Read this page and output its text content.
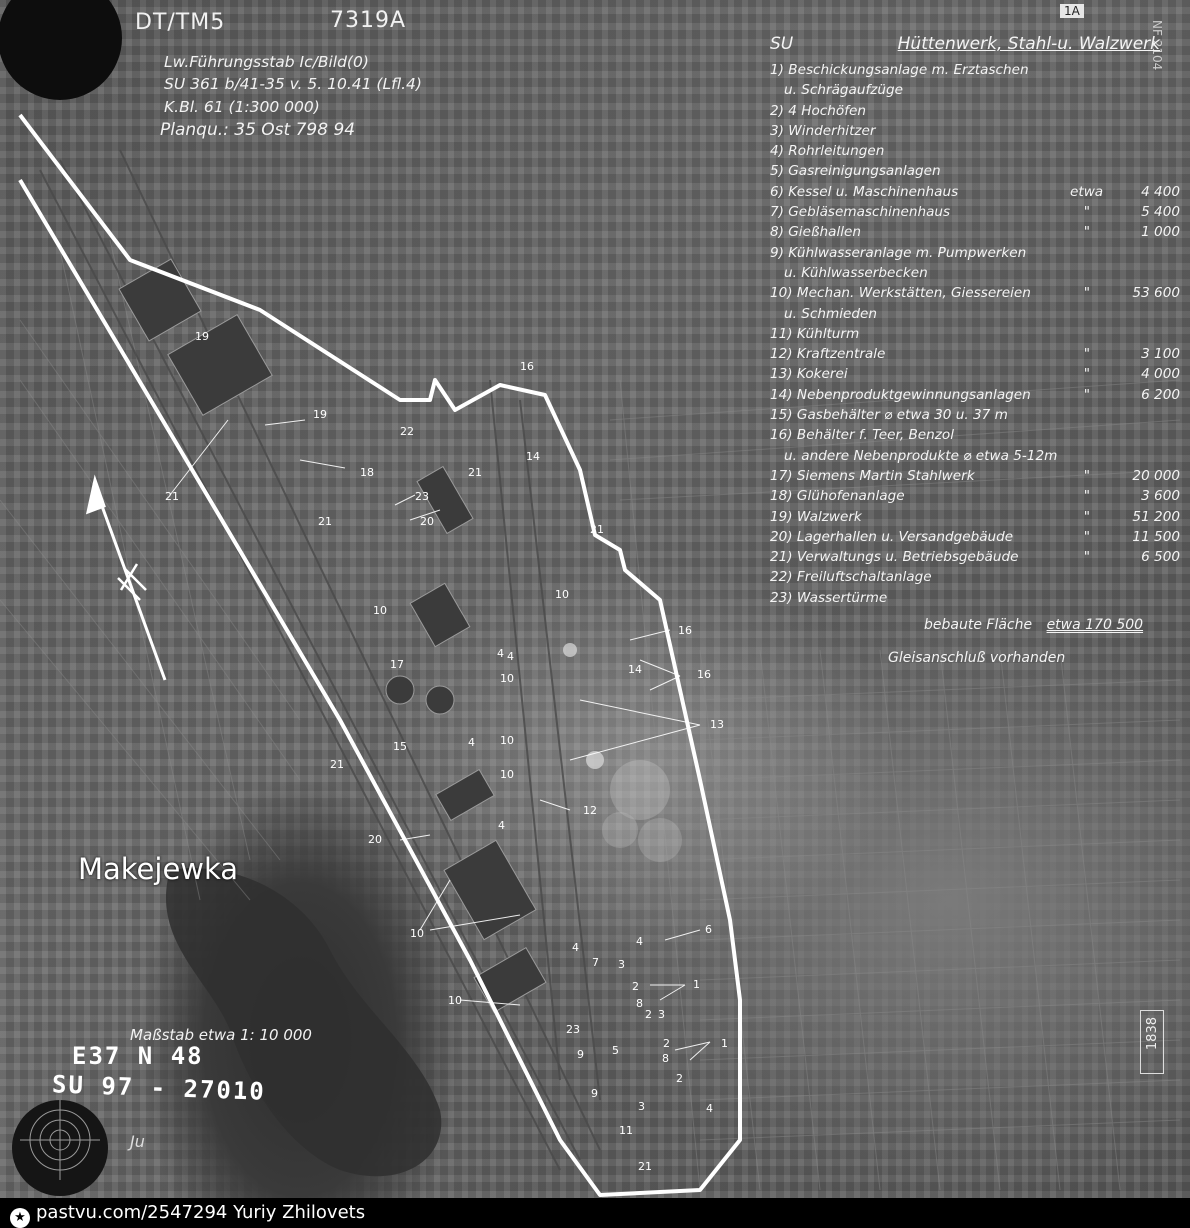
19
19
16
22
18
14
21	23
20
21
21
21
10
17
10
16
14	16
13
4
10
15	4 10
21
10
4
12
20
10	6
4	4
7 3
1
2
8
3
2
23
9	5
2	1
8
2
9
3	4
11
21
10
4
DT/TM5	7319A
Lw.Führungsstab Ic/Bild(0)
SU 361 b/41-35 v. 5. 10.41 (Lfl.4)
K.Bl. 61 (1:300 000)
Planqu.: 35 Ost 798 94
1A
NF 2104
SU	Hüttenwerk, Stahl-u. Walzwerk
1) Beschickungsanlage m. Erztaschen
u. Schrägaufzüge
2) 4 Hochöfen
3) Winderhitzer
4) Rohrleitungen
5) Gasreinigungsanlagen
6) Kessel u. Maschinenhaus	etwa	4 400
7) Gebläsemaschinenhaus	"	5 400
8) Gießhallen	"	1 000
9) Kühlwasseranlage m. Pumpwerken
u. Kühlwasserbecken
10) Mechan. Werkstätten, Giessereien	"	53 600
u. Schmieden
11) Kühlturm
12) Kraftzentrale	"	3 100
13) Kokerei	"	4 000
14) Nebenproduktgewinnungsanlagen	"	6 200
15) Gasbehälter ⌀ etwa 30 u. 37 m
16) Behälter f. Teer, Benzol
u. andere Nebenprodukte ⌀ etwa 5-12m
17) Siemens Martin Stahlwerk	"	20 000
18) Glühofenanlage	"	3 600
19) Walzwerk	"	51 200
20) Lagerhallen u. Versandgebäude	"	11 500
21) Verwaltungs u. Betriebsgebäude	"	6 500
22) Freiluftschaltanlage
23) Wassertürme
bebaute Fläche etwa 170 500
Gleisanschluß vorhanden
Makejewka
Maßstab etwa 1: 10 000
E37 N 48
SU 97 - 27010
Ju
1838
★ pastvu.com/2547294 Yuriy Zhilovets
